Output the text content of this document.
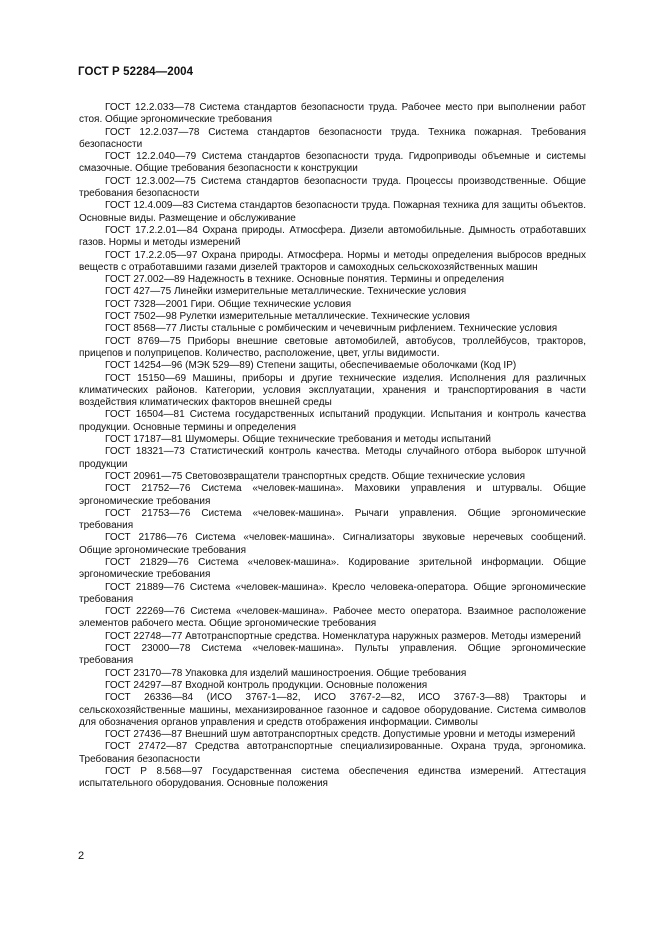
ГОСТ Р 52284—2004

ГОСТ 12.2.033—78 Система стандартов безопасности труда. Рабочее место при выполнении работ стоя. Общие эргономические требования

ГОСТ 12.2.037—78 Система стандартов безопасности труда. Техника пожарная. Требования безопасности

ГОСТ 12.2.040—79 Система стандартов безопасности труда. Гидроприводы объемные и системы смазочные. Общие требования безопасности к конструкции

ГОСТ 12.3.002—75 Система стандартов безопасности труда. Процессы производственные. Общие требования безопасности

ГОСТ 12.4.009—83 Система стандартов безопасности труда. Пожарная техника для защиты объектов. Основные виды. Размещение и обслуживание

ГОСТ 17.2.2.01—84 Охрана природы. Атмосфера. Дизели автомобильные. Дымность отработавших газов. Нормы и методы измерений

ГОСТ 17.2.2.05—97 Охрана природы. Атмосфера. Нормы и методы определения выбросов вредных веществ с отработавшими газами дизелей тракторов и самоходных сельскохозяйственных машин

ГОСТ 27.002—89 Надежность в технике. Основные понятия. Термины и определения

ГОСТ 427—75 Линейки измерительные металлические. Технические условия

ГОСТ 7328—2001 Гири. Общие технические условия

ГОСТ 7502—98 Рулетки измерительные металлические. Технические условия

ГОСТ 8568—77 Листы стальные с ромбическим и чечевичным рифлением. Технические условия

ГОСТ 8769—75 Приборы внешние световые автомобилей, автобусов, троллейбусов, тракторов, прицепов и полуприцепов. Количество, расположение, цвет, углы видимости.

ГОСТ 14254—96 (МЭК 529—89) Степени защиты, обеспечиваемые оболочками (Код IP)

ГОСТ 15150—69 Машины, приборы и другие технические изделия. Исполнения для различных климатических районов. Категории, условия эксплуатации, хранения и транспортирования в части воздействия климатических факторов внешней среды

ГОСТ 16504—81 Система государственных испытаний продукции. Испытания и контроль качества продукции. Основные термины и определения

ГОСТ 17187—81 Шумомеры. Общие технические требования и методы испытаний

ГОСТ 18321—73 Статистический контроль качества. Методы случайного отбора выборок штучной продукции

ГОСТ 20961—75 Световозвращатели транспортных средств. Общие технические условия

ГОСТ 21752—76 Система «человек-машина». Маховики управления и штурвалы. Общие эргономические требования

ГОСТ 21753—76 Система «человек-машина». Рычаги управления. Общие эргономические требования

ГОСТ 21786—76 Система «человек-машина». Сигнализаторы звуковые неречевых сообщений. Общие эргономические требования

ГОСТ 21829—76 Система «человек-машина». Кодирование зрительной информации. Общие эргономические требования

ГОСТ 21889—76 Система «человек-машина». Кресло человека-оператора. Общие эргономические требования

ГОСТ 22269—76 Система «человек-машина». Рабочее место оператора. Взаимное расположение элементов рабочего места. Общие эргономические требования

ГОСТ 22748—77 Автотранспортные средства. Номенклатура наружных размеров. Методы измерений

ГОСТ 23000—78 Система «человек-машина». Пульты управления. Общие эргономические требования

ГОСТ 23170—78 Упаковка для изделий машиностроения. Общие требования

ГОСТ 24297—87 Входной контроль продукции. Основные положения

ГОСТ 26336—84 (ИСО 3767-1—82, ИСО 3767-2—82, ИСО 3767-3—88) Тракторы и сельскохозяйственные машины, механизированное газонное и садовое оборудование. Система символов для обозначения органов управления и средств отображения информации. Символы

ГОСТ 27436—87 Внешний шум автотранспортных средств. Допустимые уровни и методы измерений

ГОСТ 27472—87 Средства автотранспортные специализированные. Охрана труда, эргономика. Требования безопасности

ГОСТ Р 8.568—97 Государственная система обеспечения единства измерений. Аттестация испытательного оборудования. Основные положения

2
